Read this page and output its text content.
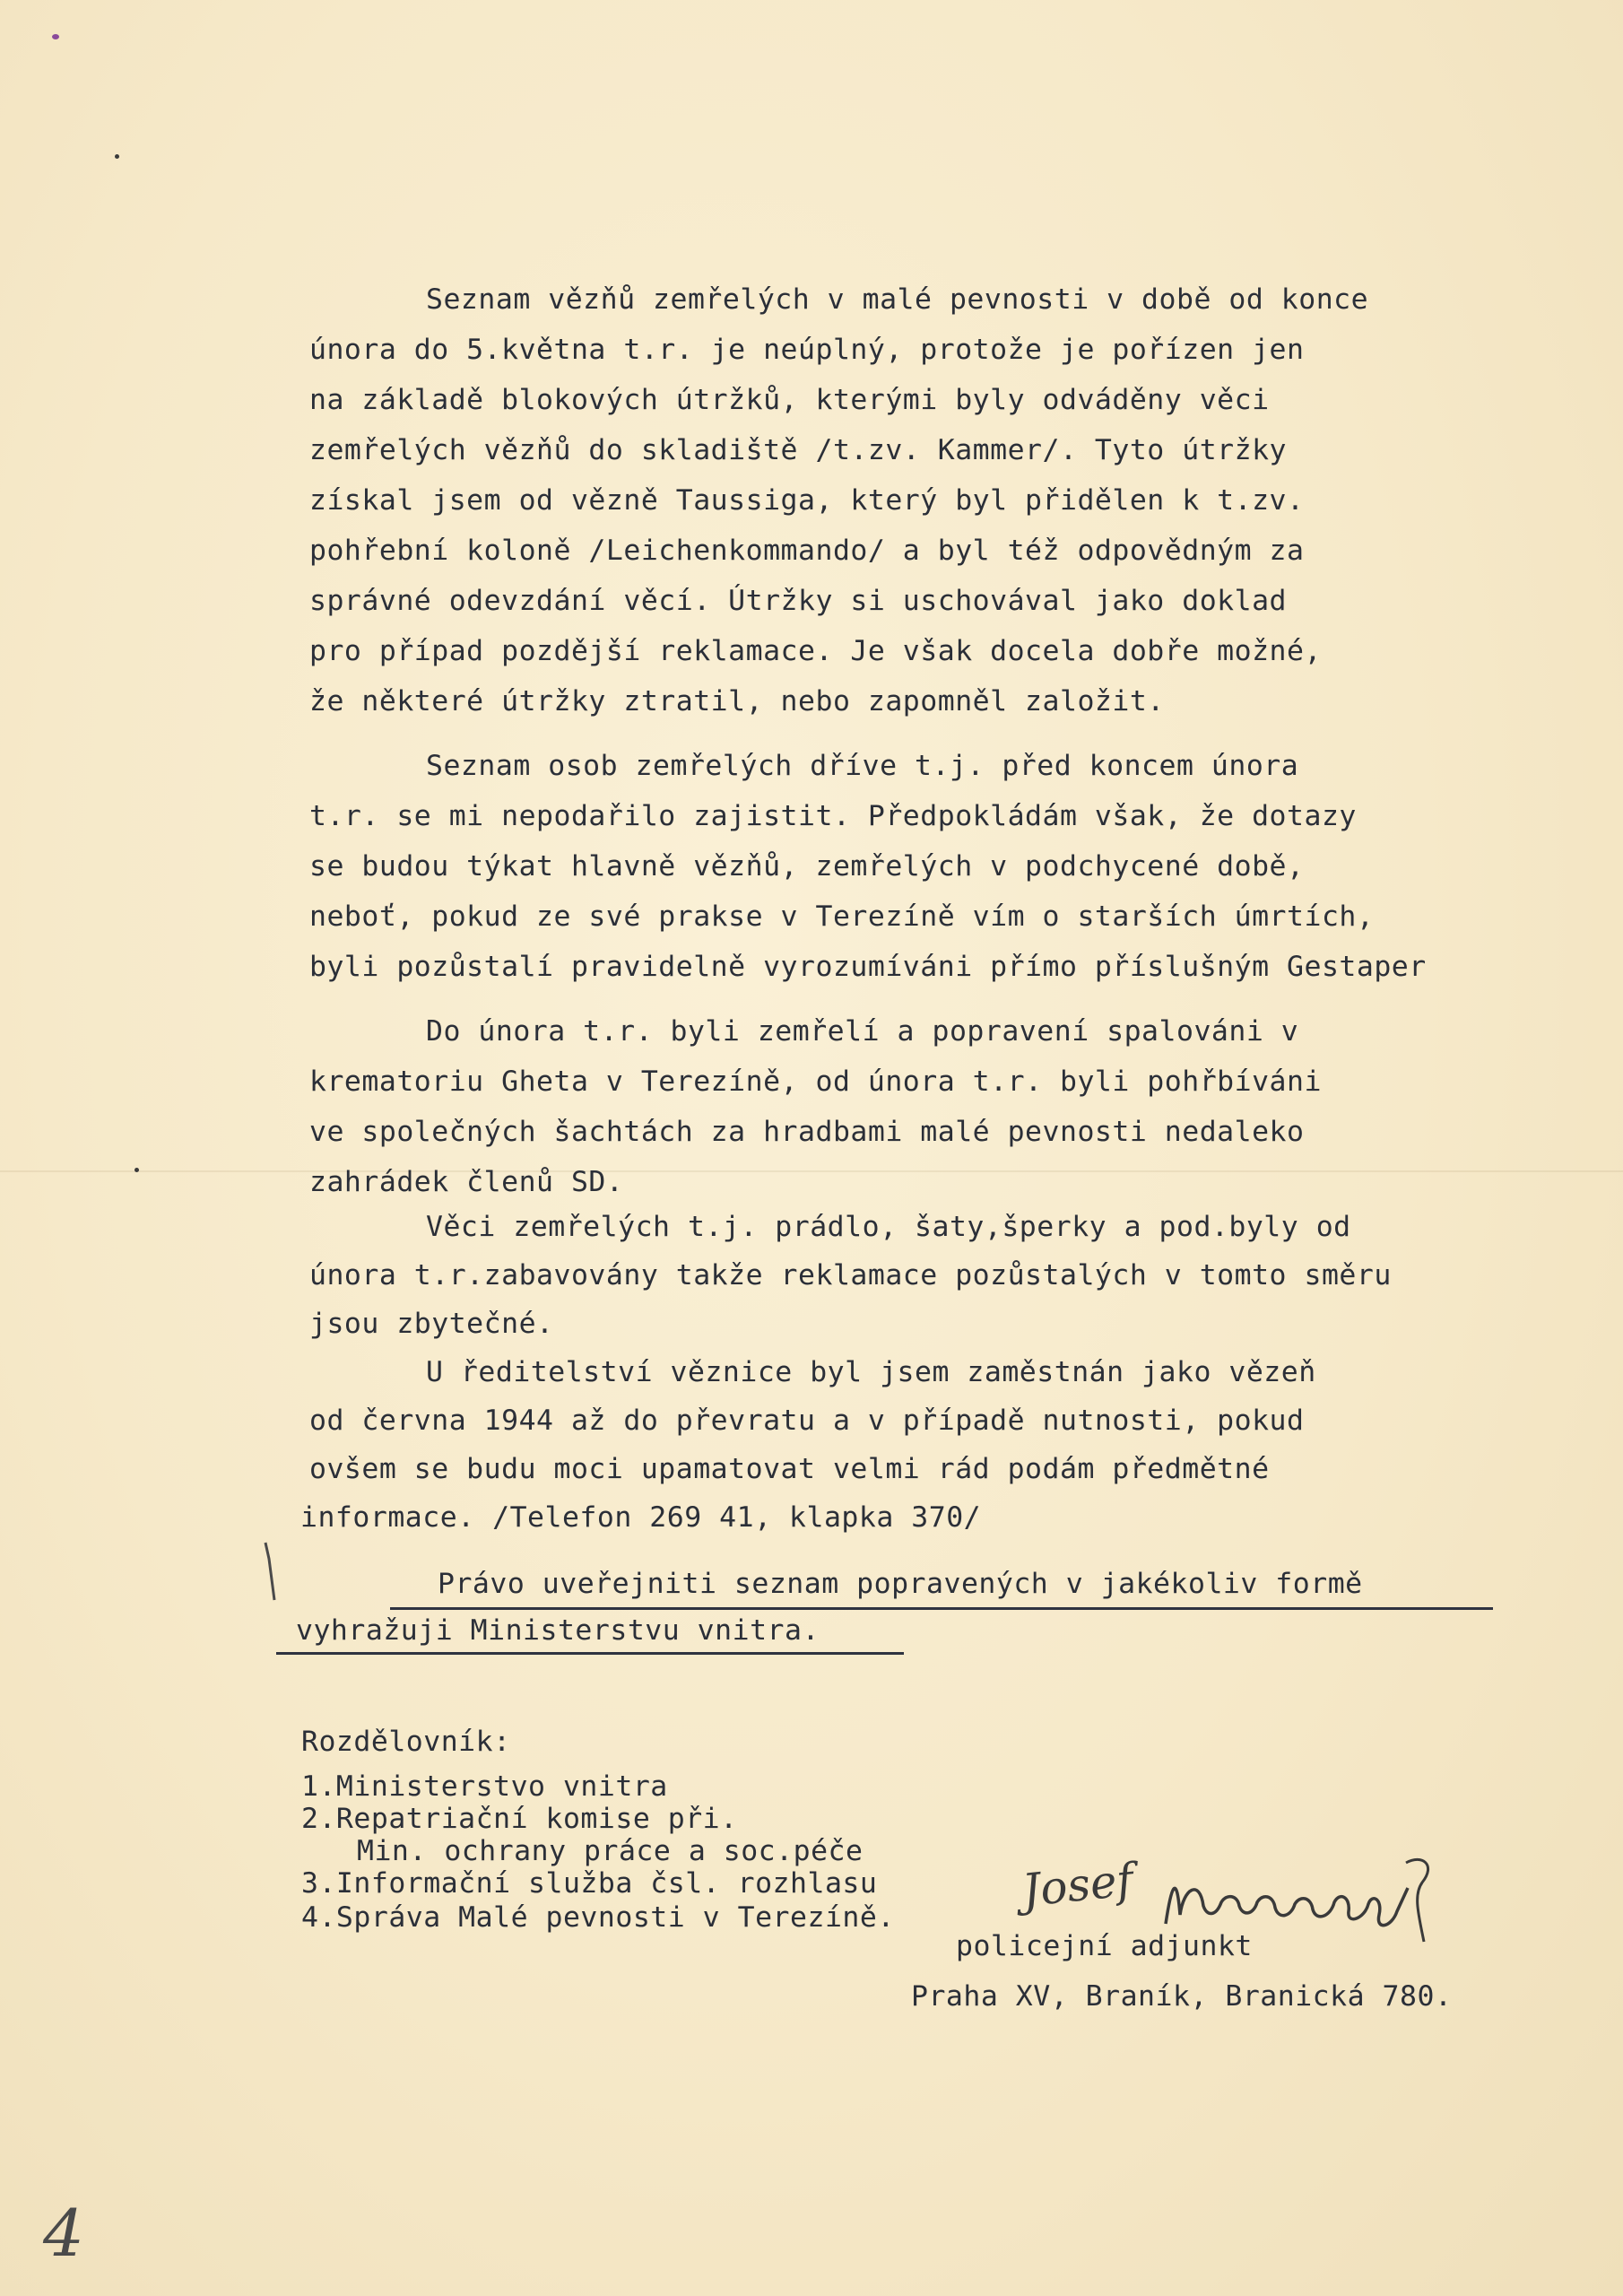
Seznam vězňů zemřelých v malé pevnosti v době od konce
února do 5.května t.r. je neúplný, protože je pořízen jen
na základě blokových útržků, kterými byly odváděny věci
zemřelých vězňů do skladiště /t.zv. Kammer/. Tyto útržky
získal jsem od vězně Taussiga, který byl přidělen k t.zv.
pohřební koloně /Leichenkommando/ a byl též odpovědným za
správné odevzdání věcí. Útržky si uschovával jako doklad
pro případ pozdější reklamace. Je však docela dobře možné,
že některé útržky ztratil, nebo zapomněl založit.
Seznam osob zemřelých dříve t.j. před koncem února
t.r. se mi nepodařilo zajistit. Předpokládám však, že dotazy
se budou týkat hlavně vězňů, zemřelých v podchycené době,
neboť, pokud ze své prakse v Terezíně vím o starších úmrtích,
byli pozůstalí pravidelně vyrozumíváni přímo příslušným Gestaper
Do února t.r. byli zemřelí a popravení spalováni v
krematoriu Gheta v Terezíně, od února t.r. byli pohřbíváni
ve společných šachtách za hradbami malé pevnosti nedaleko
zahrádek členů SD.
Věci zemřelých t.j. prádlo, šaty,šperky a pod.byly od
února t.r.zabavovány takže reklamace pozůstalých v tomto směru
jsou zbytečné.
U ředitelství věznice byl jsem zaměstnán jako vězeň
od června 1944 až do převratu a v případě nutnosti, pokud
ovšem se budu moci upamatovat velmi rád podám předmětné
informace. /Telefon 269 41, klapka 370/
Právo uveřejniti seznam popravených v jakékoliv formě
vyhražuji Ministerstvu vnitra.
Rozdělovník:
1.Ministerstvo vnitra
2.Repatriační komise při.
Min. ochrany práce a soc.péče
3.Informační služba čsl. rozhlasu
4.Správa Malé pevnosti v Terezíně.
Josef
policejní adjunkt
Praha XV, Braník, Branická 780.
4
